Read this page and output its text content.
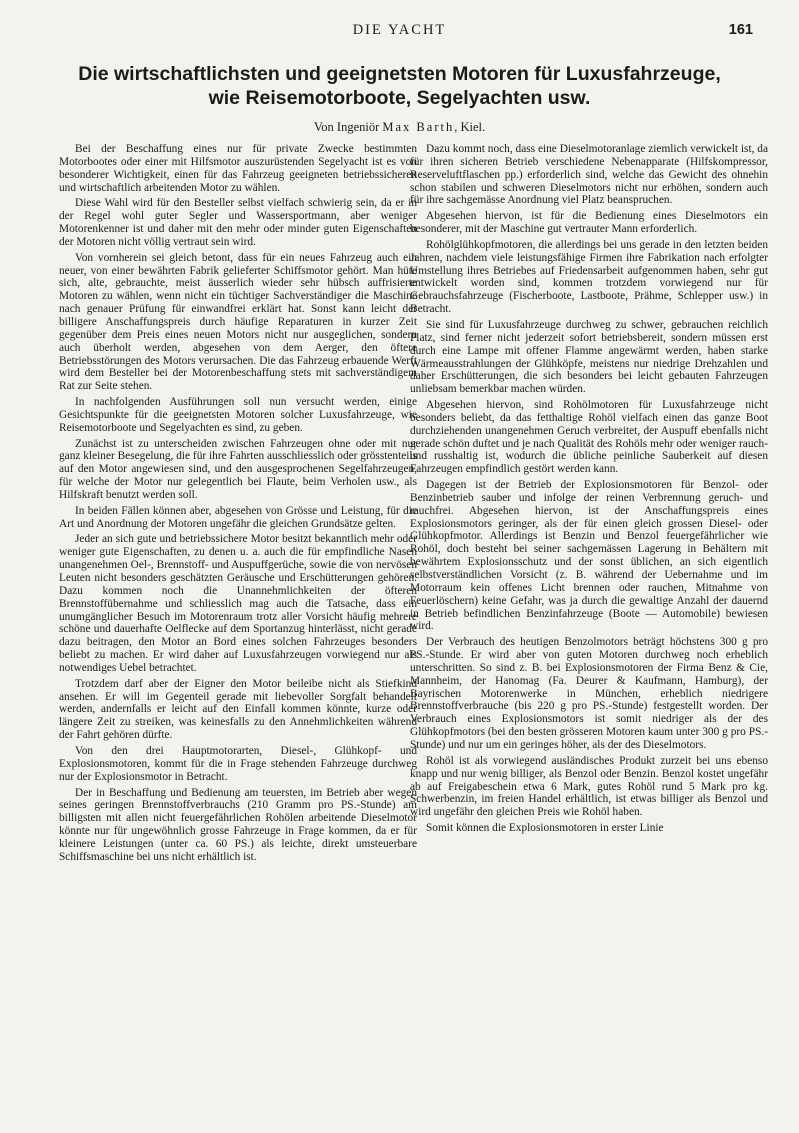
DIE YACHT	161
Die wirtschaftlichsten und geeignetsten Motoren für Luxusfahrzeuge,
wie Reisemotorboote, Segelyachten usw.
Von Ingeniör Max Barth, Kiel.

Bei der Beschaffung eines nur für private Zwecke bestimmten Motorbootes oder einer mit Hilfsmotor auszurüstenden Segelyacht ist es von besonderer Wichtigkeit, einen für das Fahrzeug geeigneten betriebssicheren und wirtschaftlich arbeitenden Motor zu wählen.

Diese Wahl wird für den Besteller selbst vielfach schwierig sein, da er in der Regel wohl guter Segler und Wassersportmann, aber weniger Motorenkenner ist und daher mit den mehr oder minder guten Eigenschaften der Motoren nicht völlig vertraut sein wird.

Von vornherein sei gleich betont, dass für ein neues Fahrzeug auch ein neuer, von einer bewährten Fabrik gelieferter Schiffsmotor gehört. Man hüte sich, alte, gebrauchte, meist äusserlich wieder sehr hübsch auffrisierte Motoren zu wählen, wenn nicht ein tüchtiger Sachverständiger die Maschine nach genauer Prüfung für einwandfrei erklärt hat. Sonst kann leicht der billigere Anschaffungspreis durch häufige Reparaturen in kurzer Zeit gegenüber dem Preis eines neuen Motors nicht nur ausgeglichen, sondern auch überholt werden, abgesehen von dem Aerger, den öftere Betriebsstörungen des Motors verursachen. Die das Fahrzeug erbauende Werft wird dem Besteller bei der Motorenbeschaffung stets mit sachverständigem Rat zur Seite stehen.

In nachfolgenden Ausführungen soll nun versucht werden, einige Gesichtspunkte für die geeignetsten Motoren solcher Luxusfahrzeuge, wie Reisemotorboote und Segelyachten es sind, zu geben.

Zunächst ist zu unterscheiden zwischen Fahrzeugen ohne oder mit nur ganz kleiner Besegelung, die für ihre Fahrten ausschliesslich oder grösstenteils auf den Motor angewiesen sind, und den ausgesprochenen Segelfahrzeugen, für welche der Motor nur gelegentlich bei Flaute, beim Verholen usw., als Hilfskraft benutzt werden soll.

In beiden Fällen können aber, abgesehen von Grösse und Leistung, für die Art und Anordnung der Motoren ungefähr die gleichen Grundsätze gelten.

Jeder an sich gute und betriebssichere Motor besitzt bekanntlich mehr oder weniger gute Eigenschaften, zu denen u. a. auch die für empfindliche Nasen unangenehmen Oel-, Brennstoff- und Auspuffgerüche, sowie die von nervösen Leuten nicht besonders geschätzten Geräusche und Erschütterungen gehören. Dazu kommen noch die Unannehmlichkeiten der öfteren Brennstoffübernahme und schliesslich mag auch die Tatsache, dass ein unumgänglicher Besuch im Motorenraum trotz aller Vorsicht häufig mehrere schöne und dauerhafte Oelflecke auf dem Sportanzug hinterlässt, nicht gerade dazu beitragen, den Motor an Bord eines solchen Fahrzeuges besonders beliebt zu machen. Er wird daher auf Luxusfahrzeugen vorwiegend nur als notwendiges Uebel betrachtet.

Trotzdem darf aber der Eigner den Motor beileibe nicht als Stiefkind ansehen. Er will im Gegenteil gerade mit liebevoller Sorgfalt behandelt werden, andernfalls er leicht auf den Einfall kommen könnte, kurze oder längere Zeit zu streiken, was keinesfalls zu den Annehmlichkeiten während der Fahrt gehören dürfte.

Von den drei Hauptmotorarten, Diesel-, Glühkopf- und Explosionsmotoren, kommt für die in Frage stehenden Fahrzeuge durchweg nur der Explosionsmotor in Betracht.

Der in Beschaffung und Bedienung am teuersten, im Betrieb aber wegen seines geringen Brennstoffverbrauchs (210 Gramm pro PS.-Stunde) am billigsten mit allen nicht feuergefährlichen Rohölen arbeitende Dieselmotor könnte nur für ungewöhnlich grosse Fahrzeuge in Frage kommen, da er für kleinere Leistungen (unter ca. 60 PS.) als leichte, direkt umsteuerbare Schiffsmaschine bei uns nicht erhältlich ist.

Dazu kommt noch, dass eine Dieselmotoranlage ziemlich verwickelt ist, da für ihren sicheren Betrieb verschiedene Nebenapparate (Hilfskompressor, Reserveluftflaschen pp.) erforderlich sind, welche das Gewicht des ohnehin schon stabilen und schweren Dieselmotors nicht nur erhöhen, sondern auch für ihre sachgemässe Anordnung viel Platz beanspruchen.

Abgesehen hiervon, ist für die Bedienung eines Dieselmotors ein besonderer, mit der Maschine gut vertrauter Mann erforderlich.

Rohölglühkopfmotoren, die allerdings bei uns gerade in den letzten beiden Jahren, nachdem viele leistungsfähige Firmen ihre Fabrikation nach erfolgter Umstellung ihres Betriebes auf Friedensarbeit aufgenommen haben, sehr gut entwickelt worden sind, kommen trotzdem vorwiegend nur für Gebrauchsfahrzeuge (Fischerboote, Lastboote, Prähme, Schlepper usw.) in Betracht.

Sie sind für Luxusfahrzeuge durchweg zu schwer, gebrauchen reichlich Platz, sind ferner nicht jederzeit sofort betriebsbereit, sondern müssen erst durch eine Lampe mit offener Flamme angewärmt werden, haben starke Wärmeausstrahlungen der Glühköpfe, meistens nur niedrige Drehzahlen und daher Erschütterungen, die sich besonders bei leicht gebauten Fahrzeugen unliebsam bemerkbar machen würden.

Abgesehen hiervon, sind Rohölmotoren für Luxusfahrzeuge nicht besonders beliebt, da das fetthaltige Rohöl vielfach einen das ganze Boot durchziehenden unangenehmen Geruch verbreitet, der Auspuff ebenfalls nicht gerade schön duftet und je nach Qualität des Rohöls mehr oder weniger rauch- und russhaltig ist, wodurch die übliche peinliche Sauberkeit auf diesen Fahrzeugen empfindlich gestört werden kann.

Dagegen ist der Betrieb der Explosionsmotoren für Benzol- oder Benzinbetrieb sauber und infolge der reinen Verbrennung geruch- und rauchfrei. Abgesehen hiervon, ist der Anschaffungspreis eines Explosionsmotors geringer, als der für einen gleich grossen Diesel- oder Glühkopfmotor. Allerdings ist Benzin und Benzol feuergefährlicher wie Rohöl, doch besteht bei seiner sachgemässen Lagerung in Behältern mit bewährtem Explosionsschutz und der sonst üblichen, an sich eigentlich selbstverständlichen Vorsicht (z. B. während der Uebernahme und im Motorraum kein offenes Licht brennen oder rauchen, Mitnahme von Feuerlöschern) keine Gefahr, was ja durch die gewaltige Anzahl der dauernd in Betrieb befindlichen Benzinfahrzeuge (Boote — Automobile) bewiesen wird.

Der Verbrauch des heutigen Benzolmotors beträgt höchstens 300 g pro PS.-Stunde. Er wird aber von guten Motoren durchweg noch erheblich unterschritten. So sind z. B. bei Explosionsmotoren der Firma Benz & Cie, Mannheim, der Hanomag (Fa. Deurer & Kaufmann, Hamburg), der Bayrischen Motorenwerke in München, erheblich niedrigere Brennstoffverbrauche (bis 220 g pro PS.-Stunde) festgestellt worden. Der Verbrauch eines Explosionsmotors ist somit niedriger als der des Glühkopfmotors (bei den besten grösseren Motoren kaum unter 300 g pro PS.-Stunde) und nur um ein geringes höher, als der des Dieselmotors.

Rohöl ist als vorwiegend ausländisches Produkt zurzeit bei uns ebenso knapp und nur wenig billiger, als Benzol oder Benzin. Benzol kostet ungefähr ab auf Freigabeschein etwa 6 Mark, gutes Rohöl rund 5 Mark pro kg. Schwerbenzin, im freien Handel erhältlich, ist etwas billiger als Benzol und wird ungefähr den gleichen Preis wie Rohöl haben.

Somit können die Explosionsmotoren in erster Linie
